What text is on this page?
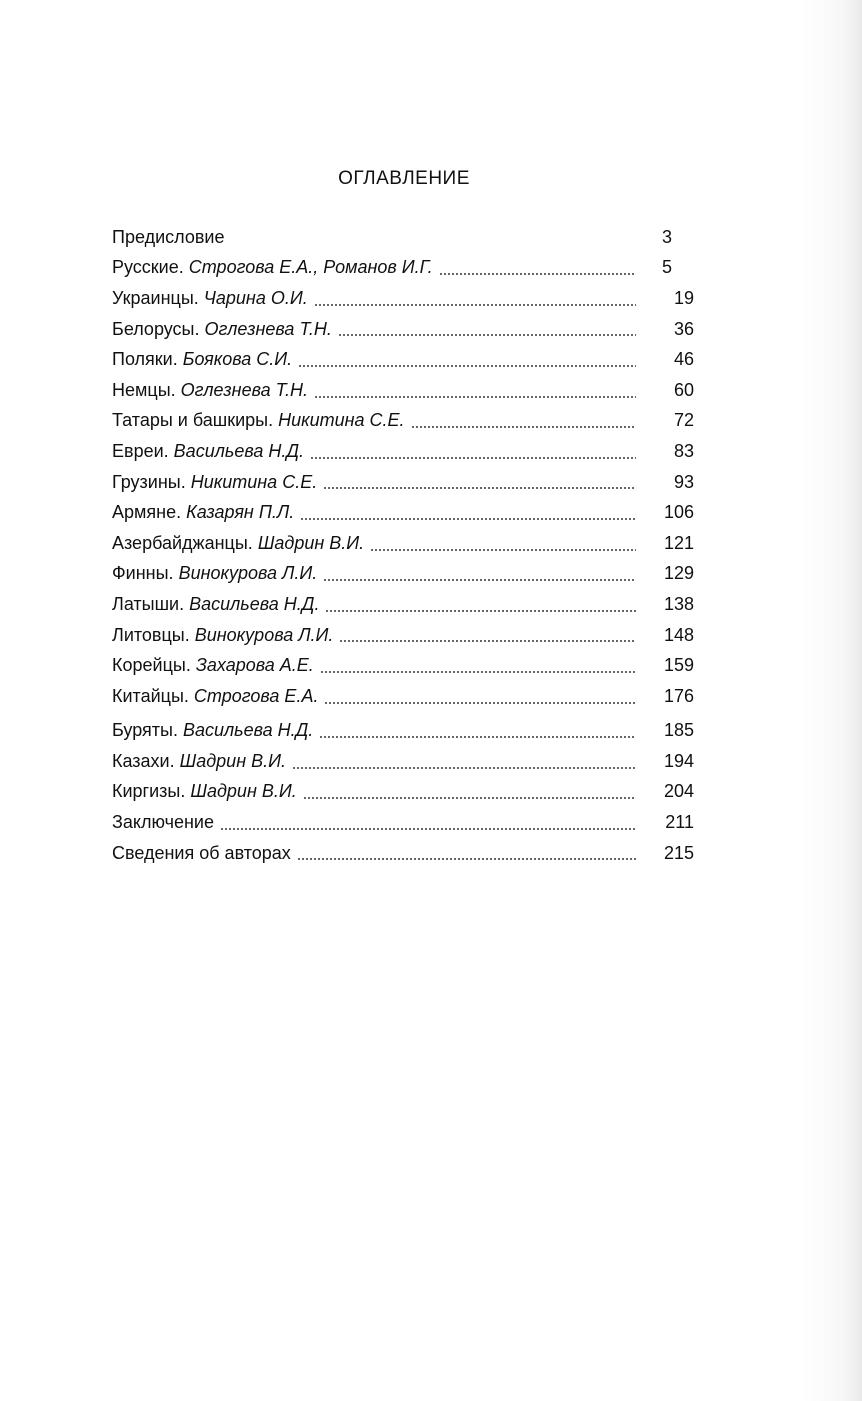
ОГЛАВЛЕНИЕ
Предисловие	3
Русские. Строгова Е.А., Романов И.Г.	5
Украинцы. Чарина О.И.	19
Белорусы. Оглезнева Т.Н.	36
Поляки. Боякова С.И.	46
Немцы. Оглезнева Т.Н.	60
Татары и башкиры. Никитина С.Е.	72
Евреи. Васильева Н.Д.	83
Грузины. Никитина С.Е.	93
Армяне. Казарян П.Л.	106
Азербайджанцы. Шадрин В.И.	121
Финны. Винокурова Л.И.	129
Латыши. Васильева Н.Д.	138
Литовцы. Винокурова Л.И.	148
Корейцы. Захарова А.Е.	159
Китайцы. Строгова Е.А.	176
Буряты. Васильева Н.Д.	185
Казахи. Шадрин В.И.	194
Киргизы. Шадрин В.И.	204
Заключение	211
Сведения об авторах	215
